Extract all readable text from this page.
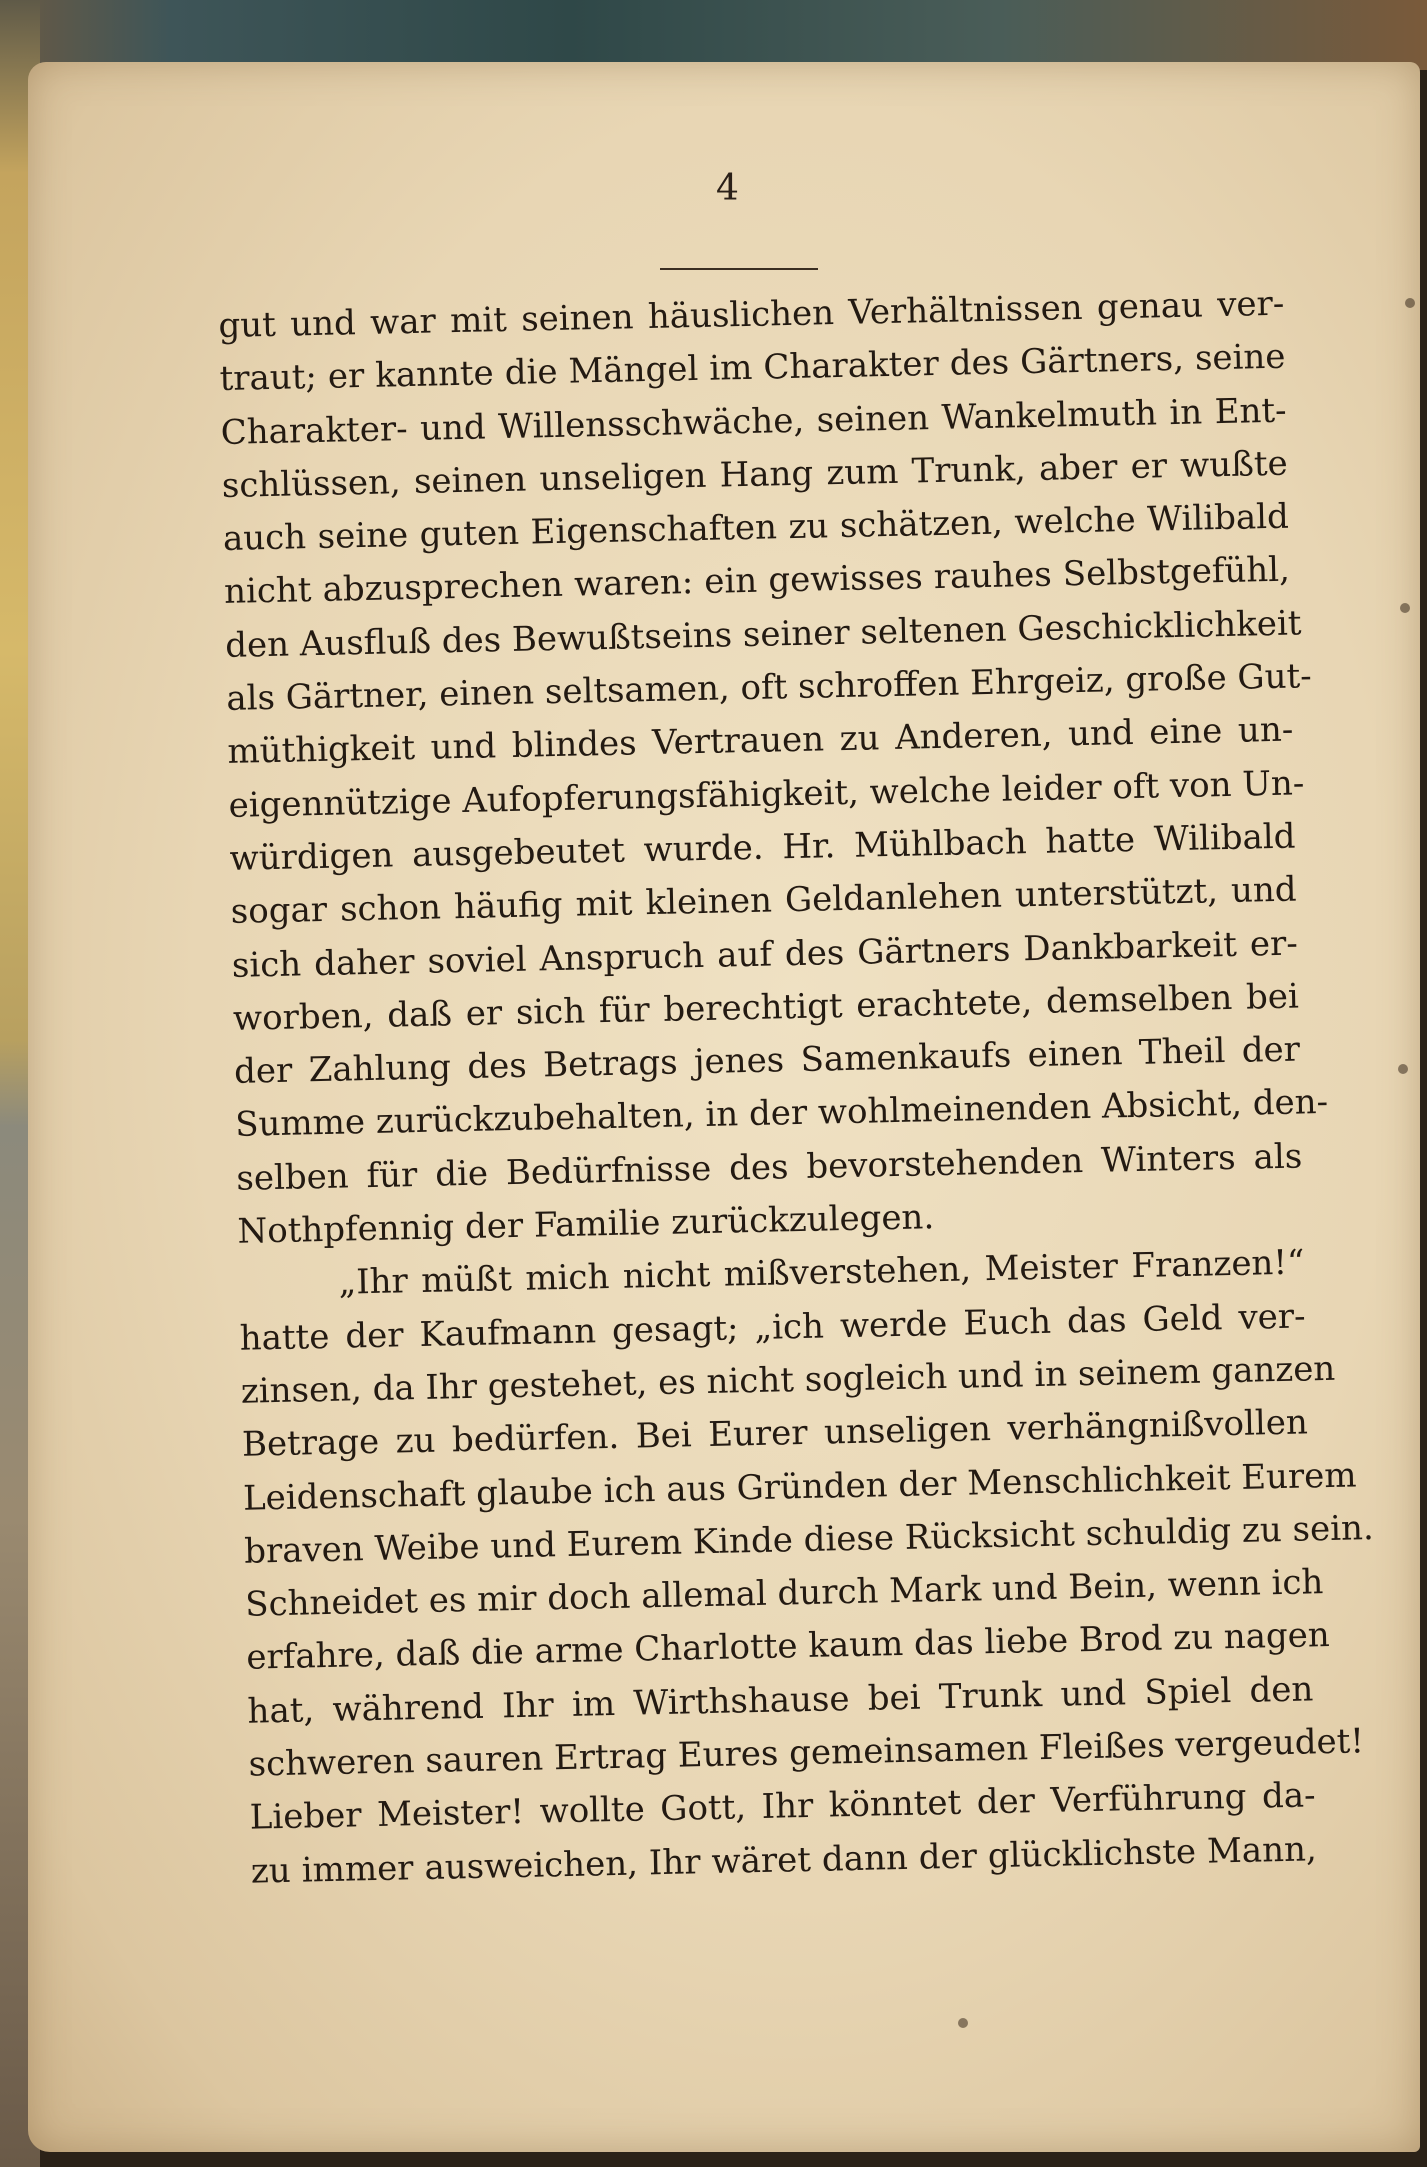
4
gut und war mit seinen häuslichen Verhältnissen genau ver-
traut; er kannte die Mängel im Charakter des Gärtners, seine
Charakter- und Willensschwäche, seinen Wankelmuth in Ent-
schlüssen, seinen unseligen Hang zum Trunk, aber er wußte
auch seine guten Eigenschaften zu schätzen, welche Wilibald
nicht abzusprechen waren: ein gewisses rauhes Selbstgefühl,
den Ausfluß des Bewußtseins seiner seltenen Geschicklichkeit
als Gärtner, einen seltsamen, oft schroffen Ehrgeiz, große Gut-
müthigkeit und blindes Vertrauen zu Anderen, und eine un-
eigennützige Aufopferungsfähigkeit, welche leider oft von Un-
würdigen ausgebeutet wurde. Hr. Mühlbach hatte Wilibald
sogar schon häufig mit kleinen Geldanlehen unterstützt, und
sich daher soviel Anspruch auf des Gärtners Dankbarkeit er-
worben, daß er sich für berechtigt erachtete, demselben bei
der Zahlung des Betrags jenes Samenkaufs einen Theil der
Summe zurückzubehalten, in der wohlmeinenden Absicht, den-
selben für die Bedürfnisse des bevorstehenden Winters als
Nothpfennig der Familie zurückzulegen.
„Ihr müßt mich nicht mißverstehen, Meister Franzen!“
hatte der Kaufmann gesagt; „ich werde Euch das Geld ver-
zinsen, da Ihr gestehet, es nicht sogleich und in seinem ganzen
Betrage zu bedürfen. Bei Eurer unseligen verhängnißvollen
Leidenschaft glaube ich aus Gründen der Menschlichkeit Eurem
braven Weibe und Eurem Kinde diese Rücksicht schuldig zu sein.
Schneidet es mir doch allemal durch Mark und Bein, wenn ich
erfahre, daß die arme Charlotte kaum das liebe Brod zu nagen
hat, während Ihr im Wirthshause bei Trunk und Spiel den
schweren sauren Ertrag Eures gemeinsamen Fleißes vergeudet!
Lieber Meister! wollte Gott, Ihr könntet der Verführung da-
zu immer ausweichen, Ihr wäret dann der glücklichste Mann,
